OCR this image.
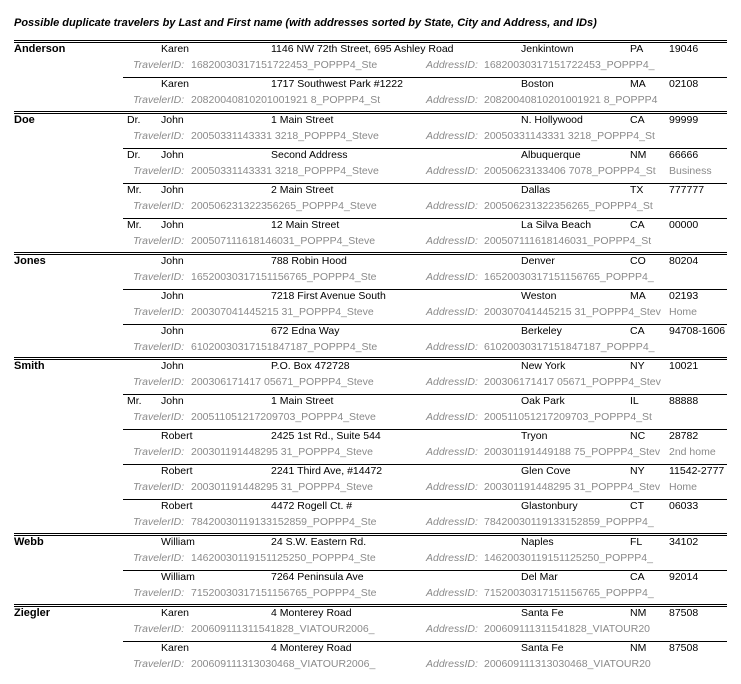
Possible duplicate travelers by Last and First name (with addresses sorted by State, City and Address, and IDs)
Anderson	Karen	1146 NW 72th Street, 695 Ashley Road	Jenkintown	PA 19046
TravelerID: 16820030317151722453_POPPP4_Ste	AddressID: 16820030317151722453_POPPP4_
Karen	1717 Southwest Park #1222	Boston	MA 02108
TravelerID: 20820040810201001921 8_POPPP4_St	AddressID: 20820040810201001921 8_POPPP4
Doe	Dr. John	1 Main Street	N. Hollywood	CA 99999
TravelerID: 20050331143331 3218_POPPP4_Steve	AddressID: 20050331143331 3218_POPPP4_St
Dr. John	Second Address	Albuquerque	NM 66666
TravelerID: 20050331143331 3218_POPPP4_Steve	AddressID: 20050623133406 7078_POPPP4_St Business
Mr. John	2 Main Street	Dallas	TX 777777
TravelerID: 200506231322356265_POPPP4_Steve	AddressID: 200506231322356265_POPPP4_St
Mr. John	12 Main Street	La Silva Beach	CA 00000
TravelerID: 200507111618146031_POPPP4_Steve	AddressID: 200507111618146031_POPPP4_St
Jones	John	788 Robin Hood	Denver	CO 80204
TravelerID: 16520030317151156765_POPPP4_Ste	AddressID: 16520030317151156765_POPPP4_
John	7218 First Avenue South	Weston	MA 02193
TravelerID: 200307041445215 31_POPPP4_Steve	AddressID: 200307041445215 31_POPPP4_Stev Home
John	672 Edna Way	Berkeley	CA 94708-1606
TravelerID: 61020030317151847187_POPPP4_Ste	AddressID: 61020030317151847187_POPPP4_
Smith	John	P.O. Box 472728	New York	NY 10021
TravelerID: 200306171417 05671_POPPP4_Steve	AddressID: 200306171417 05671_POPPP4_Stev
Mr. John	1 Main Street	Oak Park	IL	88888
TravelerID: 200511051217209703_POPPP4_Steve	AddressID: 200511051217209703_POPPP4_St
Robert	2425 1st Rd., Suite 544	Tryon	NC 28782
TravelerID: 200301191448295 31_POPPP4_Steve	AddressID: 200301191449188 75_POPPP4_Stev 2nd home
Robert	2241 Third Ave, #14472	Glen Cove	NY 11542-2777
TravelerID: 200301191448295 31_POPPP4_Steve	AddressID: 200301191448295 31_POPPP4_Stev Home
Robert	4472 Rogell Ct. #	Glastonbury	CT 06033
TravelerID: 78420030119133152859_POPPP4_Ste	AddressID: 78420030119133152859_POPPP4_
Webb	William	24 S.W. Eastern Rd.	Naples	FL	34102
TravelerID: 14620030119151125250_POPPP4_Ste	AddressID: 14620030119151125250_POPPP4_
William	7264 Peninsula Ave	Del Mar	CA 92014
TravelerID: 71520030317151156765_POPPP4_Ste	AddressID: 71520030317151156765_POPPP4_
Ziegler	Karen	4 Monterey Road	Santa Fe	NM 87508
TravelerID: 200609111311541828_VIATOUR2006_	AddressID: 200609111311541828_VIATOUR20
Karen	4 Monterey Road	Santa Fe	NM 87508
TravelerID: 200609111313030468_VIATOUR2006_	AddressID: 200609111313030468_VIATOUR20
